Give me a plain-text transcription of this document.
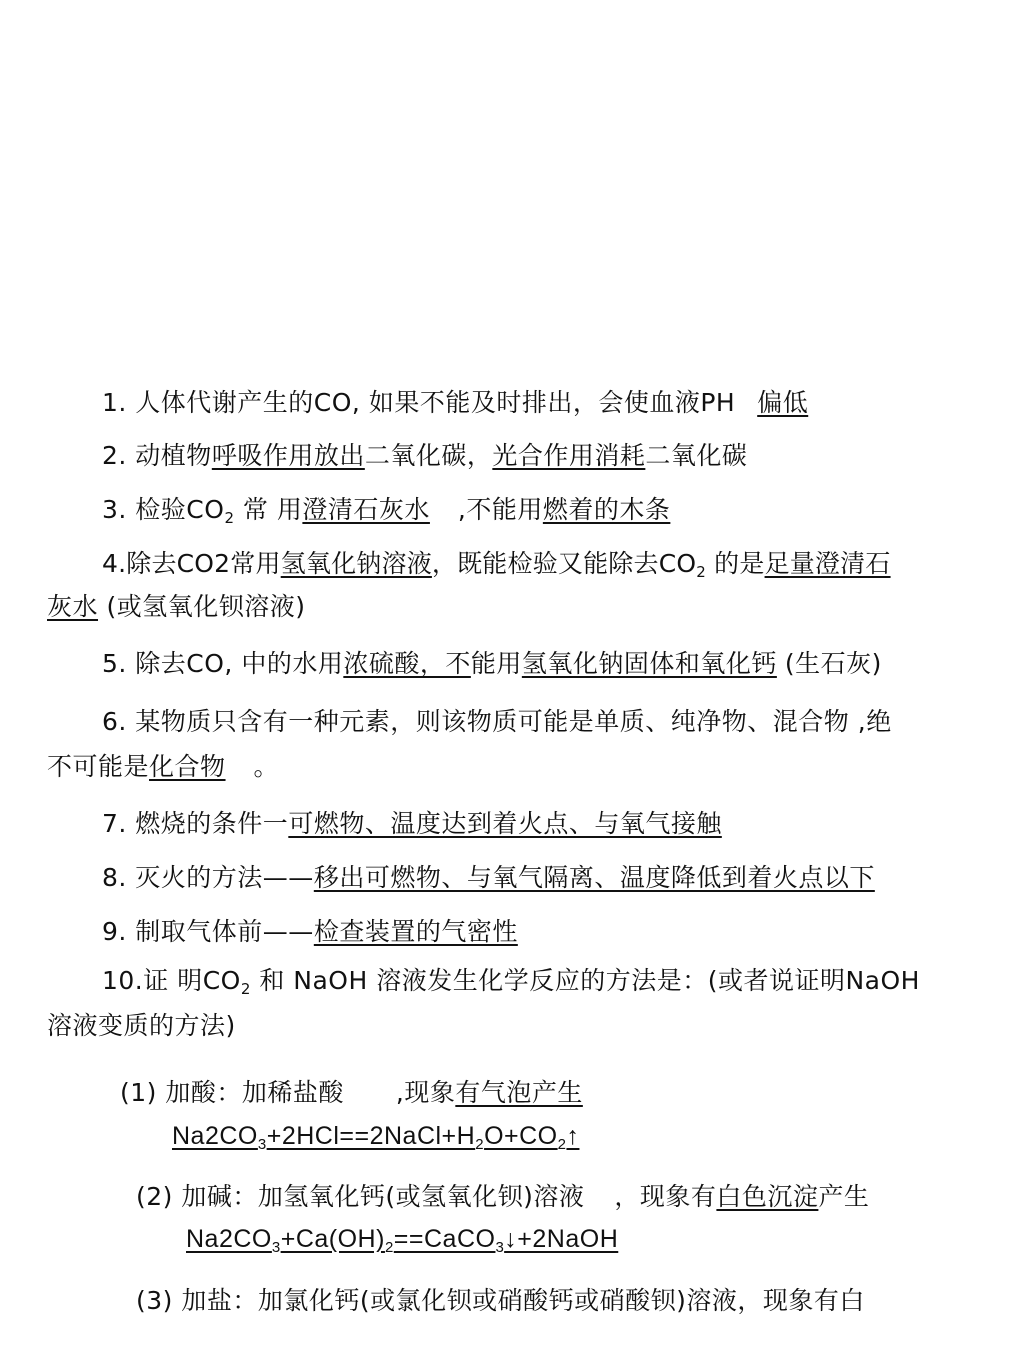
1. 人体代谢产生的CO, 如果不能及时排出，会使血液PH 偏低
2. 动植物呼吸作用放出二氧化碳，光合作用消耗二氧化碳
3. 检验$CO_2$ 常 用澄清石灰水 ,不能用燃着的木条
4.除去CO2常用氢氧化钠溶液，既能检验又能除去$CO_2$ 的是足量澄清石
灰水 (或氢氧化钡溶液)
5. 除去CO, 中的水用浓硫酸，不能用氢氧化钠固体和氧化钙 (生石灰)
6. 某物质只含有一种元素，则该物质可能是单质、纯净物、混合物 ,绝
不可能是化合物 。
7. 燃烧的条件一可燃物、温度达到着火点、与氧气接触
8. 灭火的方法——移出可燃物、与氧气隔离、温度降低到着火点以下
9. 制取气体前——检查装置的气密性
10.证 明$CO_2$ 和 NaOH 溶液发生化学反应的方法是：(或者说证明NaOH
溶液变质的方法)
(1) 加酸：加稀盐酸 ,现象有气泡产生
$Na2CO_3+2HCl==2NaCl+H_2O+CO_2↑$
(2) 加碱：加氢氧化钙(或氢氧化钡)溶液 ，现象有白色沉淀产生
$Na2CO_3+Ca(OH)_2==CaCO_3↓+2NaOH$
(3) 加盐：加氯化钙(或氯化钡或硝酸钙或硝酸钡)溶液，现象有白
